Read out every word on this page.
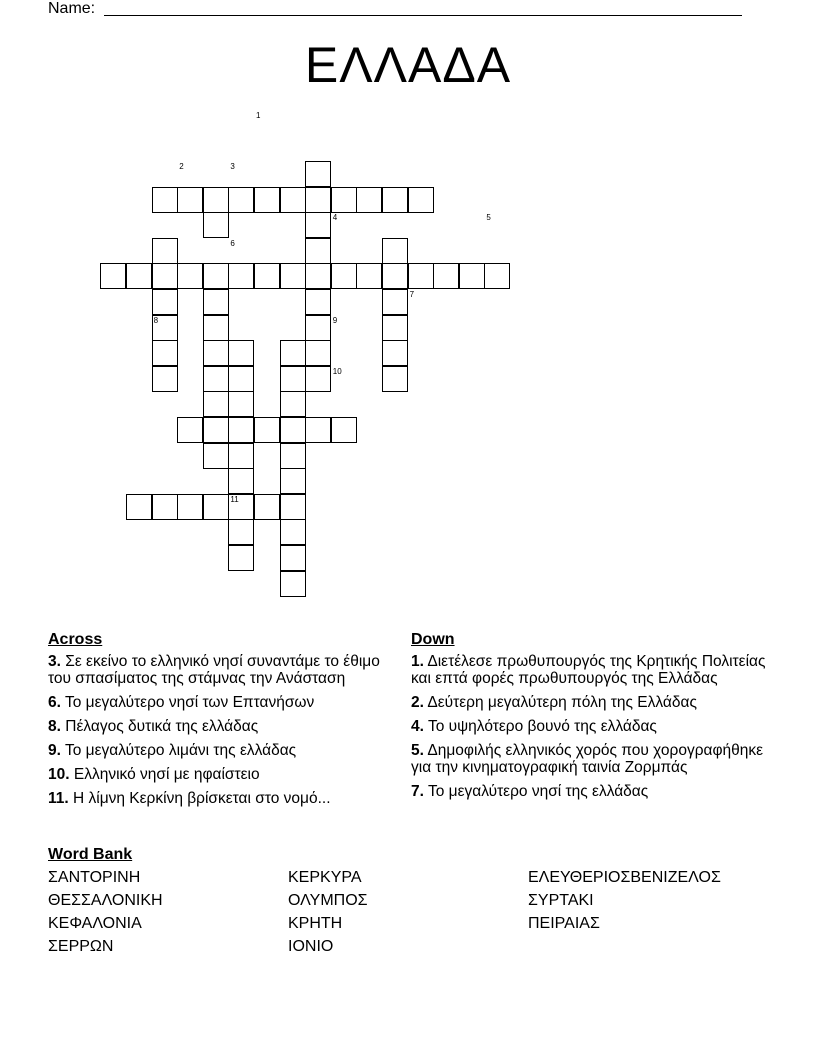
Name:
ΕΛΛΑΔΑ
1
2	3
4	5
6
7
8	9
10
11
Across
3. Σε εκείνο το ελληνικό νησί συναντάμε το έθιμο του σπασίματος της στάμνας την Ανάσταση
6. Το μεγαλύτερο νησί των Επτανήσων
8. Πέλαγος δυτικά της ελλάδας
9. Το μεγαλύτερο λιμάνι της ελλάδας
10. Ελληνικό νησί με ηφαίστειο
11. Η λίμνη Κερκίνη βρίσκεται στο νομό...
Down
1. Διετέλεσε πρωθυπουργός της Κρητικής Πολιτείας και επτά φορές πρωθυπουργός της Ελλάδας
2. Δεύτερη μεγαλύτερη πόλη της Ελλάδας
4. Το υψηλότερο βουνό της ελλάδας
5. Δημοφιλής ελληνικός χορός που χορογραφήθηκε για την κινηματογραφική ταινία Ζορμπάς
7. Το μεγαλύτερο νησί της ελλάδας
Word Bank
ΣΑΝΤΟΡΙΝΗ
ΘΕΣΣΑΛΟΝΙΚΗ
ΚΕΦΑΛΟΝΙΑ
ΣΕΡΡΩΝ
ΚΕΡΚΥΡΑ
ΟΛΥΜΠΟΣ
ΚΡΗΤΗ
ΙΟΝΙΟ
ΕΛΕΥΘΕΡΙΟΣΒΕΝΙΖΕΛΟΣ
ΣΥΡΤΑΚΙ
ΠΕΙΡΑΙΑΣ
